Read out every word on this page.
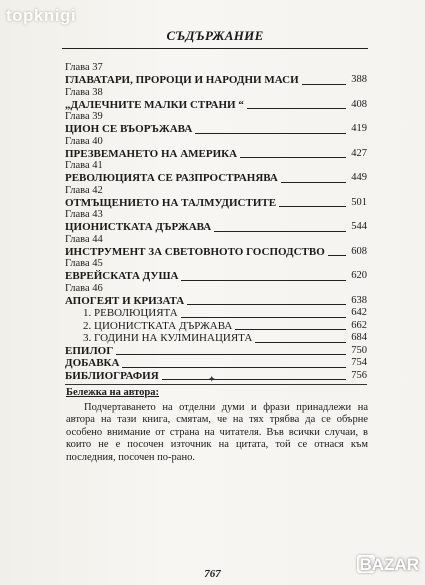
topknigi
СЪДЪРЖАНИЕ
Глава 37
ГЛАВАТАРИ, ПРОРОЦИ И НАРОДНИ МАСИ	388
Глава 38
„ДАЛЕЧНИТЕ МАЛКИ СТРАНИ “	408
Глава 39
ЦИОН СЕ ВЪОРЪЖАВА	419
Глава 40
ПРЕЗВЕМАНЕТО НА АМЕРИКА	427
Глава 41
РЕВОЛЮЦИЯТА СЕ РАЗПРОСТРАНЯВА	449
Глава 42
ОТМЪЩЕНИЕТО НА ТАЛМУДИСТИТЕ	501
Глава 43
ЦИОНИСТКАТА ДЪРЖАВА	544
Глава 44
ИНСТРУМЕНТ ЗА СВЕТОВНОТО ГОСПОДСТВО	608
Глава 45
ЕВРЕЙСКАТА ДУША	620
Глава 46
АПОГЕЯТ И КРИЗАТА	638
1. РЕВОЛЮЦИЯТА	642
2. ЦИОНИСТКАТА ДЪРЖАВА	662
3. ГОДИНИ НА КУЛМИНАЦИЯТА	684
ЕПИЛОГ	750
ДОБАВКА	754
БИБЛИОГРАФИЯ	756
✦
Бележка на автора:

Подчертаването на отделни думи и фрази принадлежи на автора на тази книга, смятам, че на тях трябва да се обърне особено внимание от страна на читателя. Във всички случаи, в които не е посочен източник на цитата, той се отнася към последния, посочен по-рано.

767	BAZAR
